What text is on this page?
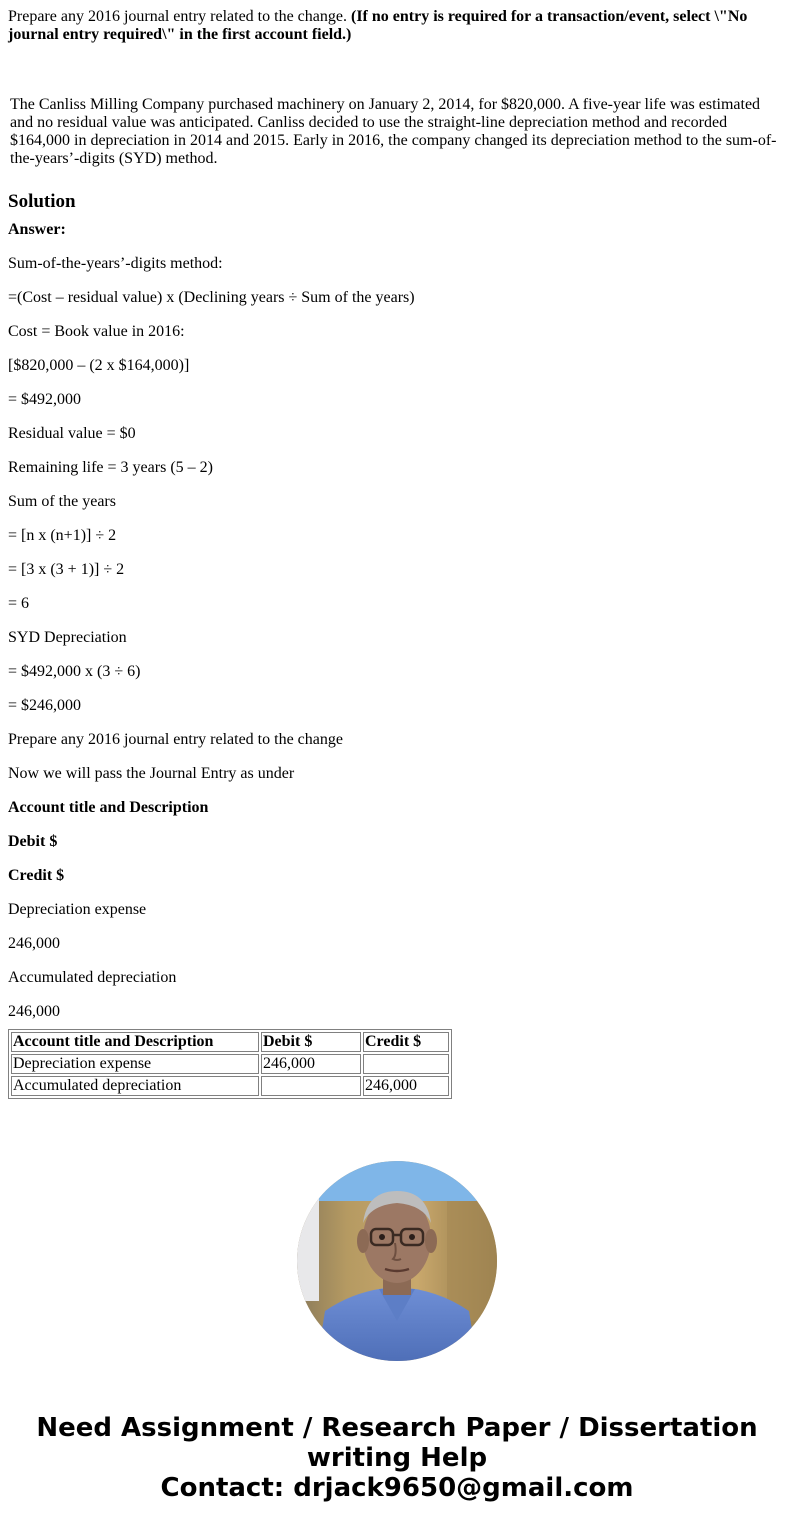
Prepare any 2016 journal entry related to the change. (If no entry is required for a transaction/event, select \"No journal entry required\" in the first account field.)

The Canliss Milling Company purchased machinery on January 2, 2014, for $820,000. A five-year life was estimated and no residual value was anticipated. Canliss decided to use the straight-line depreciation method and recorded $164,000 in depreciation in 2014 and 2015. Early in 2016, the company changed its depreciation method to the sum-of-the-years’-digits (SYD) method.

Solution

Answer:

Sum-of-the-years’-digits method:

=(Cost – residual value) x (Declining years ÷ Sum of the years)

Cost = Book value in 2016:

[$820,000 – (2 x $164,000)]

= $492,000

Residual value = $0

Remaining life = 3 years (5 – 2)

Sum of the years

= [n x (n+1)] ÷ 2

= [3 x (3 + 1)] ÷ 2

= 6

SYD Depreciation

= $492,000 x (3 ÷ 6)

= $246,000

Prepare any 2016 journal entry related to the change

Now we will pass the Journal Entry as under

Account title and Description

Debit $

Credit $

Depreciation expense

246,000

Accumulated depreciation

246,000

Account title and Description	Debit $	Credit $
Depreciation expense	246,000	
Accumulated depreciation		246,000
Need Assignment / Research Paper / Dissertation
writing Help
Contact: drjack9650@gmail.com
